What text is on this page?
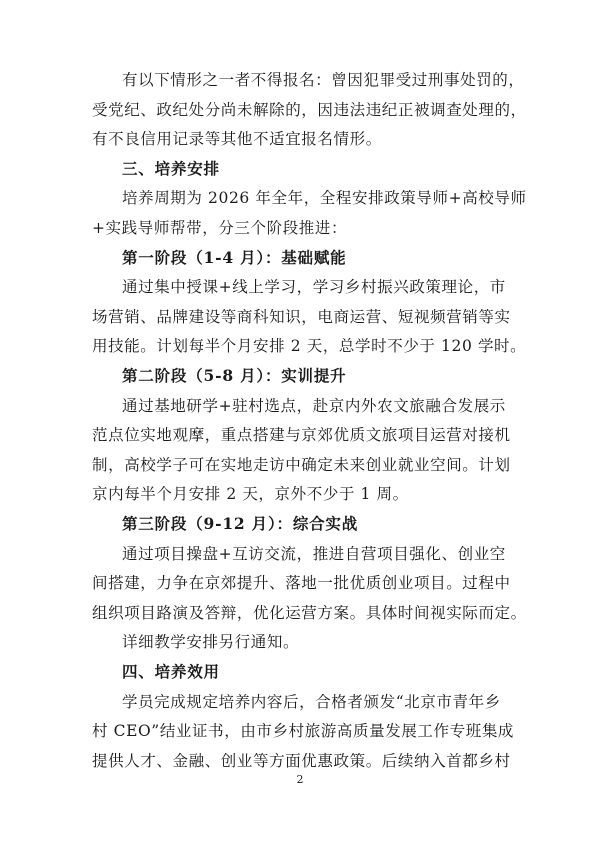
有以下情形之一者不得报名：曾因犯罪受过刑事处罚的，
受党纪、政纪处分尚未解除的，因违法违纪正被调查处理的，
有不良信用记录等其他不适宜报名情形。
三、培养安排
培养周期为 2026 年全年，全程安排政策导师+高校导师
+实践导师帮带，分三个阶段推进：
第一阶段（1-4 月）：基础赋能
通过集中授课+线上学习，学习乡村振兴政策理论，市
场营销、品牌建设等商科知识，电商运营、短视频营销等实
用技能。计划每半个月安排 2 天，总学时不少于 120 学时。
第二阶段（5-8 月）：实训提升
通过基地研学+驻村选点，赴京内外农文旅融合发展示
范点位实地观摩，重点搭建与京郊优质文旅项目运营对接机
制，高校学子可在实地走访中确定未来创业就业空间。计划
京内每半个月安排 2 天，京外不少于 1 周。
第三阶段（9-12 月）：综合实战
通过项目操盘+互访交流，推进自营项目强化、创业空
间搭建，力争在京郊提升、落地一批优质创业项目。过程中
组织项目路演及答辩，优化运营方案。具体时间视实际而定。
详细教学安排另行通知。
四、培养效用
学员完成规定培养内容后，合格者颁发“北京市青年乡
村 CEO”结业证书，由市乡村旅游高质量发展工作专班集成
提供人才、金融、创业等方面优惠政策。后续纳入首都乡村
2
